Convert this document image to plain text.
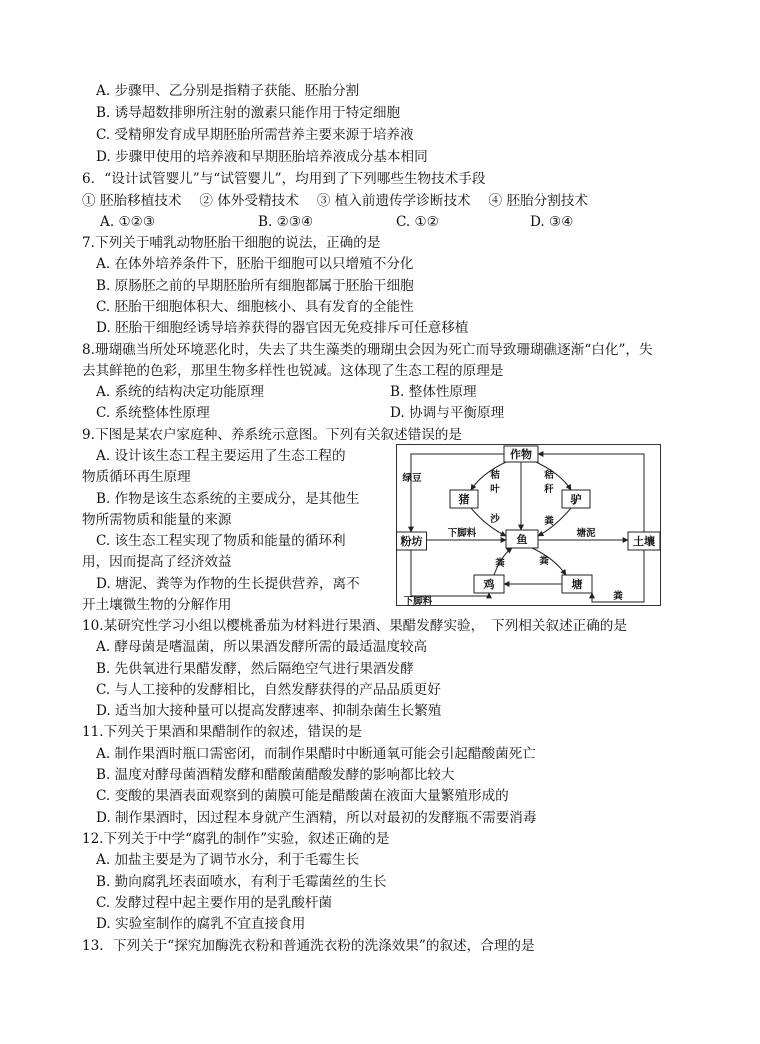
A. 步骤甲、乙分别是指精子获能、胚胎分割
B. 诱导超数排卵所注射的激素只能作用于特定细胞
C. 受精卵发育成早期胚胎所需营养主要来源于培养液
D. 步骤甲使用的培养液和早期胚胎培养液成分基本相同
6．“设计试管婴儿”与“试管婴儿”，均用到了下列哪些生物技术手段
① 胚胎移植技术　 ② 体外受精技术　 ③ 植入前遗传学诊断技术　 ④ 胚胎分割技术
A. ①②③	B. ②③④	C. ①②	D. ③④
7.下列关于哺乳动物胚胎干细胞的说法，正确的是
A. 在体外培养条件下，胚胎干细胞可以只增殖不分化
B. 原肠胚之前的早期胚胎所有细胞都属于胚胎干细胞
C. 胚胎干细胞体积大、细胞核小、具有发育的全能性
D. 胚胎干细胞经诱导培养获得的器官因无免疫排斥可任意移植
8.珊瑚礁当所处环境恶化时，失去了共生藻类的珊瑚虫会因为死亡而导致珊瑚礁逐渐“白化”，失
去其鲜艳的色彩，那里生物多样性也锐减。这体现了生态工程的原理是
A. 系统的结构决定功能原理	B. 整体性原理
C. 系统整体性原理	D. 协调与平衡原理
9.下图是某农户家庭种、养系统示意图。下列有关叙述错误的是
A. 设计该生态工程主要运用了生态工程的
物质循环再生原理
B. 作物是该生态系统的主要成分，是其他生
物所需物质和能量的来源
C. 该生态工程实现了物质和能量的循环利
用，因而提高了经济效益
D. 塘泥、粪等为作物的生长提供营养，离不
开土壤微生物的分解作用
作物
猪	驴
粉坊	鱼	土壤
鸡	塘
绿豆	秸
叶
沙
秸
秆
粪
下脚料	塘泥
粪	粪
下脚料	粪
10.某研究性学习小组以樱桃番茄为材料进行果酒、果醋发酵实验，　下列相关叙述正确的是
A. 酵母菌是嗜温菌，所以果酒发酵所需的最适温度较高
B. 先供氧进行果醋发酵，然后隔绝空气进行果酒发酵
C. 与人工接种的发酵相比，自然发酵获得的产品品质更好
D. 适当加大接种量可以提高发酵速率、抑制杂菌生长繁殖
11.下列关于果酒和果醋制作的叙述，错误的是
A. 制作果酒时瓶口需密闭，而制作果醋时中断通氧可能会引起醋酸菌死亡
B. 温度对酵母菌酒精发酵和醋酸菌醋酸发酵的影响都比较大
C. 变酸的果酒表面观察到的菌膜可能是醋酸菌在液面大量繁殖形成的
D. 制作果酒时，因过程本身就产生酒精，所以对最初的发酵瓶不需要消毒
12.下列关于中学“腐乳的制作”实验，叙述正确的是
A. 加盐主要是为了调节水分，利于毛霉生长
B. 勤向腐乳坯表面喷水，有利于毛霉菌丝的生长
C. 发酵过程中起主要作用的是乳酸杆菌
D. 实验室制作的腐乳不宜直接食用
13．下列关于“探究加酶洗衣粉和普通洗衣粉的洗涤效果”的叙述，合理的是
